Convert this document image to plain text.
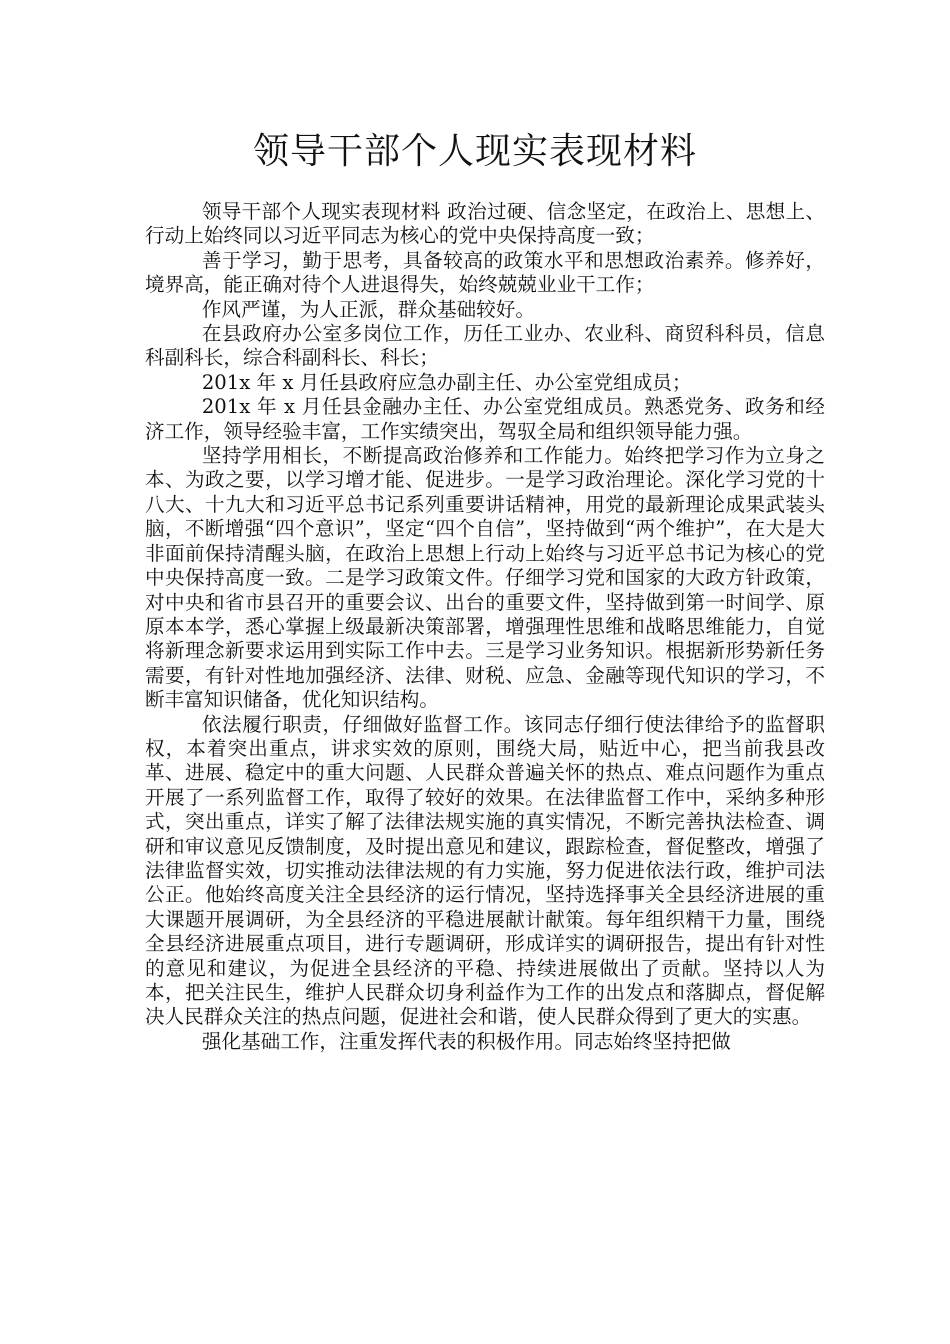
领导干部个人现实表现材料

领导干部个人现实表现材料 政治过硬、信念坚定，在政治上、思想上、行动上始终同以习近平同志为核心的党中央保持高度一致；

善于学习，勤于思考，具备较高的政策水平和思想政治素养。修养好，境界高，能正确对待个人进退得失，始终兢兢业业干工作；

作风严谨，为人正派，群众基础较好。

在县政府办公室多岗位工作，历任工业办、农业科、商贸科科员，信息科副科长，综合科副科长、科长；

201x 年 x 月任县政府应急办副主任、办公室党组成员；

201x 年 x 月任县金融办主任、办公室党组成员。熟悉党务、政务和经济工作，领导经验丰富，工作实绩突出，驾驭全局和组织领导能力强。

坚持学用相长，不断提高政治修养和工作能力。始终把学习作为立身之本、为政之要，以学习增才能、促进步。一是学习政治理论。深化学习党的十八大、十九大和习近平总书记系列重要讲话精神，用党的最新理论成果武装头脑，不断增强“四个意识”，坚定“四个自信”，坚持做到“两个维护”，在大是大非面前保持清醒头脑，在政治上思想上行动上始终与习近平总书记为核心的党中央保持高度一致。二是学习政策文件。仔细学习党和国家的大政方针政策，对中央和省市县召开的重要会议、出台的重要文件，坚持做到第一时间学、原原本本学，悉心掌握上级最新决策部署，增强理性思维和战略思维能力，自觉将新理念新要求运用到实际工作中去。三是学习业务知识。根据新形势新任务需要，有针对性地加强经济、法律、财税、应急、金融等现代知识的学习，不断丰富知识储备，优化知识结构。

依法履行职责，仔细做好监督工作。该同志仔细行使法律给予的监督职权，本着突出重点，讲求实效的原则，围绕大局，贴近中心，把当前我县改革、进展、稳定中的重大问题、人民群众普遍关怀的热点、难点问题作为重点开展了一系列监督工作，取得了较好的效果。在法律监督工作中，采纳多种形式，突出重点，详实了解了法律法规实施的真实情况，不断完善执法检查、调研和审议意见反馈制度，及时提出意见和建议，跟踪检查，督促整改，增强了法律监督实效，切实推动法律法规的有力实施，努力促进依法行政，维护司法公正。他始终高度关注全县经济的运行情况，坚持选择事关全县经济进展的重大课题开展调研，为全县经济的平稳进展献计献策。每年组织精干力量，围绕全县经济进展重点项目，进行专题调研，形成详实的调研报告，提出有针对性的意见和建议，为促进全县经济的平稳、持续进展做出了贡献。坚持以人为本，把关注民生，维护人民群众切身利益作为工作的出发点和落脚点，督促解决人民群众关注的热点问题，促进社会和谐，使人民群众得到了更大的实惠。

强化基础工作，注重发挥代表的积极作用。同志始终坚持把做
